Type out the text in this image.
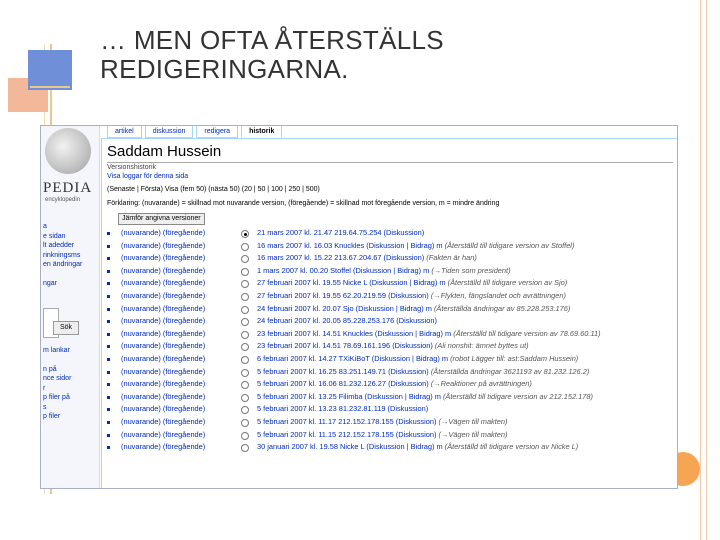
… MEN OFTA ÅTERSTÄLLS REDIGERINGARNA.
PEDIA
encyklopedin
a
e sidan
lt adedder
rinkningsms
en ändringar

ngar

m lankar

n på
nce sidor
r
p filer på
s
p filer

Sök
artikel	diskussion	redigera	historik
Saddam Hussein
Versionshistorik
Visa loggar för denna sida
(Senaste | Första) Visa (fem 50) (nästa 50) (20 | 50 | 100 | 250 | 500)
Förklaring: (nuvarande) = skillnad mot nuvarande version, (föregående) = skillnad mot föregående version, m = mindre ändring
Jämför angivna versioner
(nuvarande) (föregående)	21 mars 2007 kl. 21.47 219.64.75.254 (Diskussion)
(nuvarande) (föregående)	16 mars 2007 kl. 16.03 Knuckles (Diskussion | Bidrag) m (Återställd till tidigare version av Stoffel)
(nuvarande) (föregående)	16 mars 2007 kl. 15.22 213.67.204.67 (Diskussion) (Fakten är han)
(nuvarande) (föregående)	1 mars 2007 kl. 00.20 Stoffel (Diskussion | Bidrag) m (→Tiden som president)
(nuvarande) (föregående)	27 februari 2007 kl. 19.55 Nicke L (Diskussion | Bidrag) m (Återställd till tidigare version av Sjo)
(nuvarande) (föregående)	27 februari 2007 kl. 19.55 62.20.219.59 (Diskussion) (→Flykten, fängslandet och avrättningen)
(nuvarande) (föregående)	24 februari 2007 kl. 20.07 Sjo (Diskussion | Bidrag) m (Återställda ändringar av 85.228.253.176)
(nuvarande) (föregående)	24 februari 2007 kl. 20.05 85.228.253.176 (Diskussion)
(nuvarande) (föregående)	23 februari 2007 kl. 14.51 Knuckles (Diskussion | Bidrag) m (Återställd till tidigare version av 78.69.60.11)
(nuvarande) (föregående)	23 februari 2007 kl. 14.51 78.69.161.196 (Diskussion) (Ali nonshit: ämnet byttes ut)
(nuvarande) (föregående)	6 februari 2007 kl. 14.27 TXiKiBoT (Diskussion | Bidrag) m (robot Lägger till: ast:Saddam Hussein)
(nuvarande) (föregående)	5 februari 2007 kl. 16.25 83.251.149.71 (Diskussion) (Återställda ändringar 3621193 av 81.232.126.2)
(nuvarande) (föregående)	5 februari 2007 kl. 16.06 81.232.126.27 (Diskussion) (→Reaktioner på avrättningen)
(nuvarande) (föregående)	5 februari 2007 kl. 13.25 Filimba (Diskussion | Bidrag) m (Återställd till tidigare version av 212.152.178)
(nuvarande) (föregående)	5 februari 2007 kl. 13.23 81.232.81.119 (Diskussion)
(nuvarande) (föregående)	5 februari 2007 kl. 11.17 212.152.178.155 (Diskussion) (→Vägen till makten)
(nuvarande) (föregående)	5 februari 2007 kl. 11.15 212.152.178.155 (Diskussion) (→Vägen till makten)
(nuvarande) (föregående)	30 januari 2007 kl. 19.58 Nicke L (Diskussion | Bidrag) m (Återställd till tidigare version av Nicke L)
